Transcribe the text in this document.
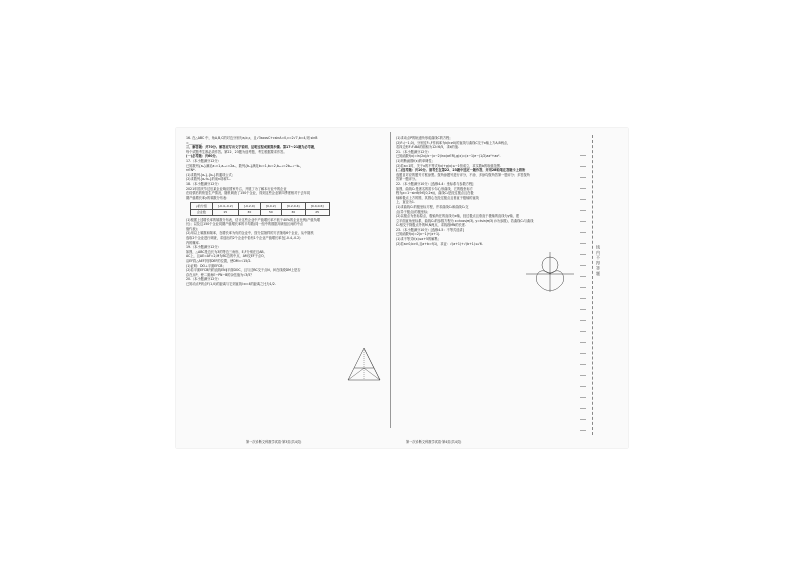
16. 在△ABC 中，角A,B,C的对边分别为a,b,c，且√3acosC+csinA=0,c=2√7,b=4,则 sinB
=________.
三、解答题：共70分。解答应写出文字说明、证明过程或演算步骤。第17～21题为必考题，
每个试题考生都必须作答。第22、23题为选考题，考生根据要求作答。
(一)必考题：共60分。
17.（本小题满分12分）
已知数列{aₙ}满足a₁=1,aₙ₊₁=2aₙ，数列{bₙ}满足b₁=1,b₂=2,bₙ₊₂=2bₙ₊₁−bₙ，
n∈N*.
(1)求数列{aₙ},{bₙ}的通项公式；
(2)求数列{aₙ·bₙ}的前n项和Tₙ.
18.（本小题满分12分）
2021年国庆节过后某企业响应国家号召，开展了为了解本行业中的企业
在疫情后的恢复生产情况，随机调查了150个企业，得到这些企业第四季度相对于去年同
期产值增长率y的频数分布表：
y的分组	[-0.4,-0.2)	[-0.2,0)	[0,0.2)	[0.2,0.4)	[0.4,0.6]
企业数	15	30	50	30	25
(1)根据上述增长率的频数分布表，估计这些企业中产值增长率不低于40%的企业比例(产值负增
长)；以及这150个企业同期产值增长率的平均数(同一组中的数据用该组区间的中点
值代表)；
(2)用以上频数和频率，在增长率为负的企业中，按分层抽样的方法抽取6个企业，从中随机
选取2个企业进行调查，求选出的2个企业中恰有1个企业产值增长率在[-0.4,-0.2)
内的概率.
19.（本小题满分12分）
如图，△ABC是边长为3的等边三角形，E,F分别在边AB,
AC上，且AE=AF=2,M为BC边的中点，AM交EF于点O，
沿EF将△AEF折到DEF的位置，使DM=√15/2.
(1)证明：DO⊥平面EFCB；
(2)若平面EFCB内的直线EN∥平面DOC，且与边BC交于点N，问在线段DM上是否
存在点P，使二面角E−PN−B的余弦值为√3/5？
20.（本小题满分12分）
已知动点P到点F(1,0)的距离与它到直线l:x=4的距离之比为1/2.
第一次诊断文科数学试卷·第3页(共4页)
(1)求动点P的轨迹所形成曲线C的方程；
(2)F₁(−1,0)，分别过F₁,F作斜率为k(k≠0)的直线与曲线C交于x轴上方A,B两点，
若四边形F₁F₂BA的面积为12√6/5，求k的值.
21.（本小题满分12分）
已知函数f(x)=ln(2x)/x−(x−2)lnx(a∈R),g(x)=(x−1)e−(1/2)ax²+ax².
(1)判断函数f(x)的单调性；
(2)若a=1时，关于x的不等式f(x)+g(x)≤−1恒成立，求实数b的取值范围.
(二)选考题：共10分。请考生在第22、23题中选定一题作答，并用2B铅笔在答题卡上将所
选题目对应的题号方框涂黑。按所涂题号进行评分，不涂、多涂均按所答第一题评分；多答按所
答第一题评分。
22.（本小题满分10分）[选修4-4：坐标系与参数方程]
如图，曲线C₁是著名的笛卡尔心形曲线，它的极坐标方
程为ρ=1−sinθ(θ∈[0,2π))，曲线C₂是经过极点且在极
轴和极点上方的圆，其圆心在经过极点且垂直于极轴的直线
上，直径为1.
(1)求曲线C₁的极坐标方程，并求曲线C₁和曲线C₂交
点(异于极点)的极坐标；
(2)以极点为坐标原点，极轴所在的直线为x轴，经过极点且垂直于极轴的直线为y轴，建
立平面直角坐标系，曲线C₃的参数方程为 x=tcos(π/3), y=tsin(π/3) (t为参数)，若曲线C₃与曲线
C₁相交于除极点外的M,N两点，求线段MN的长度.
23.（本小题满分10分）[选修4-5：不等式选讲]
已知函数f(x)=2|x−1|+|x+1|.
(1)求不等式f(x)≤x+5的解集；
(2)若a>0,b>0,且a+b=f(1)，求证：√(a+1)+√(b+1)≤√6.
第一次诊断文科数学试卷·第4页(共4页)
线 内 不 得 答 题
